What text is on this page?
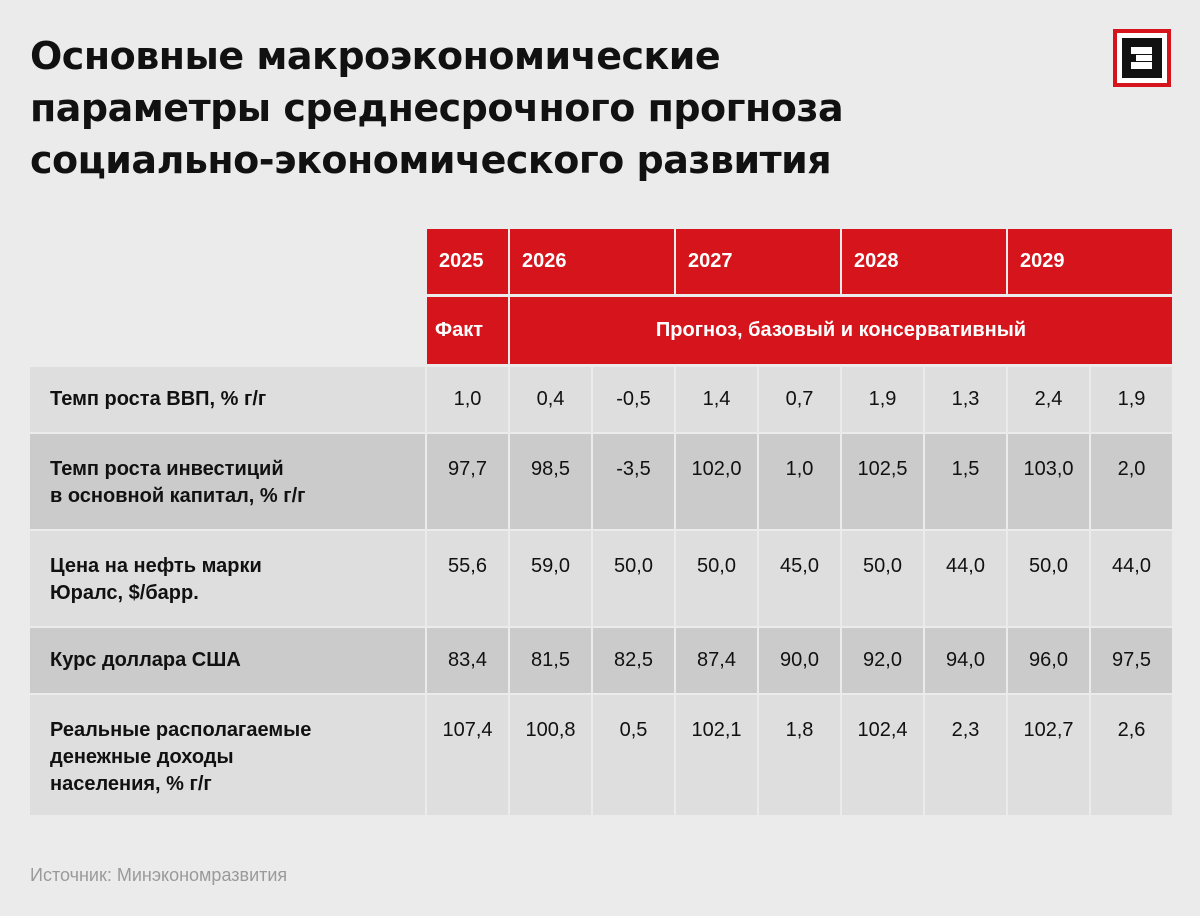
Основные макроэкономические
параметры среднесрочного прогноза
социально-экономического развития
2025 2026	2027	2028	2029
Факт	Прогноз, базовый и консервативный
Темп роста ВВП, % г/г	1,0	0,4	-0,5	1,4	0,7	1,9	1,3	2,4	1,9
Темп роста инвестиций
в основной капитал, % г/г
97,7	98,5	-3,5	102,0	1,0	102,5	1,5	103,0	2,0
Цена на нефть марки
Юралс, $/барр.
55,6	59,0	50,0	50,0	45,0	50,0	44,0	50,0	44,0
Курс доллара США	83,4	81,5	82,5	87,4	90,0	92,0	94,0	96,0	97,5
Реальные располагаемые
денежные доходы
населения, % г/г
107,4	100,8	0,5	102,1	1,8	102,4	2,3	102,7	2,6
Источник: Минэкономразвития
